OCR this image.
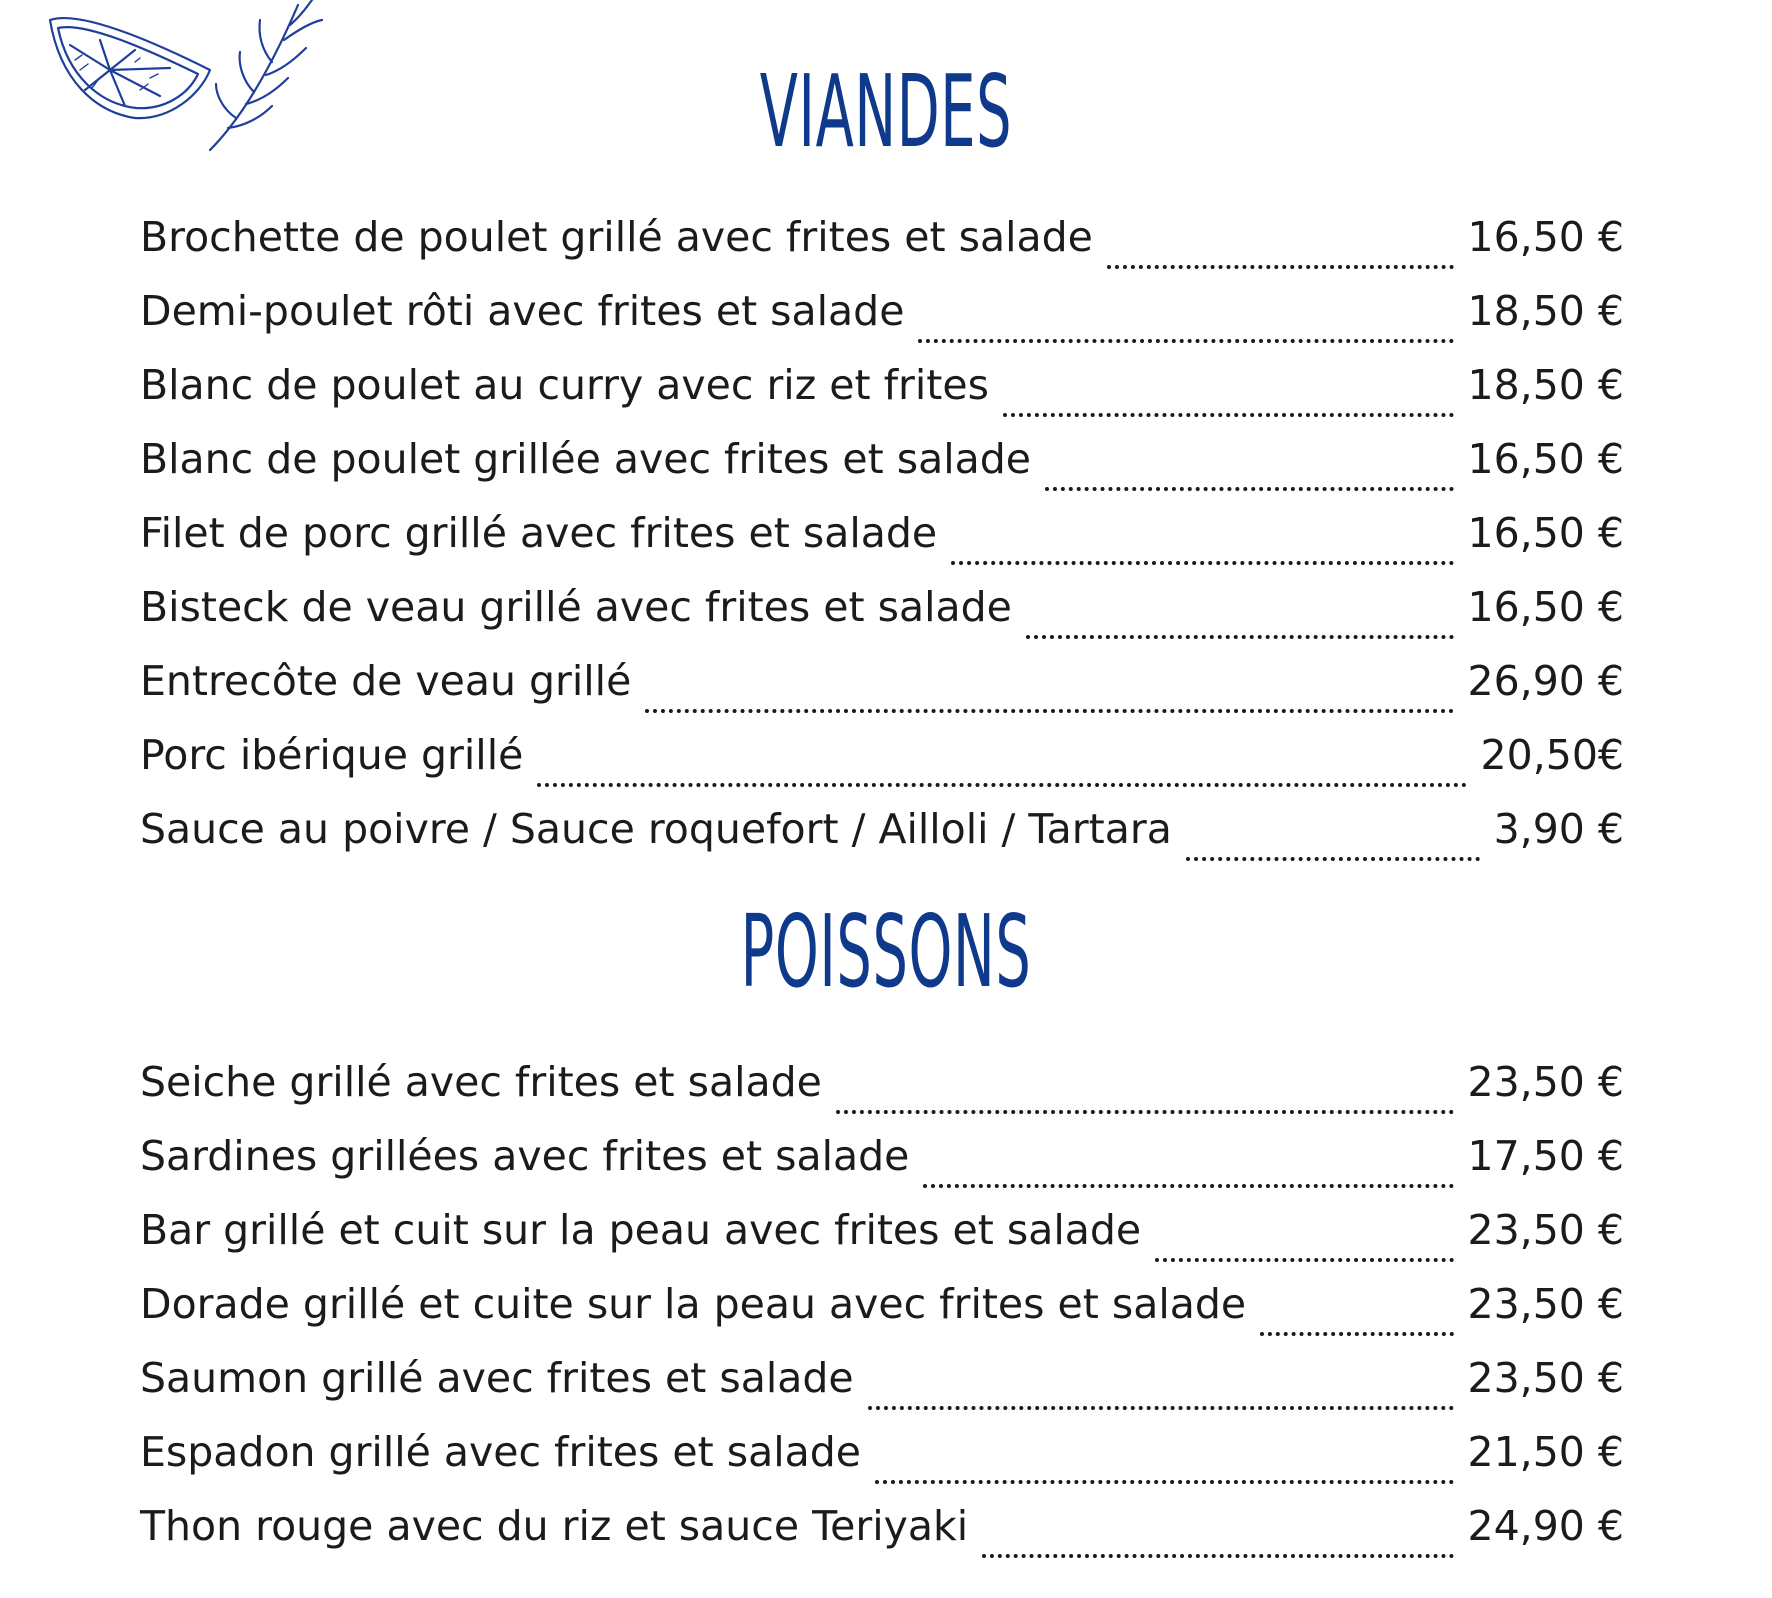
VIANDES
Brochette de poulet grillé avec frites et salade	16,50 €
Demi-poulet rôti avec frites et salade	18,50 €
Blanc de poulet au curry avec riz et frites	18,50 €
Blanc de poulet grillée avec frites et salade	16,50 €
Filet de porc grillé avec frites et salade	16,50 €
Bisteck de veau grillé avec frites et salade	16,50 €
Entrecôte de veau grillé	26,90 €
Porc ibérique grillé	20,50€
Sauce au poivre / Sauce roquefort / Ailloli / Tartara	3,90 €
POISSONS
Seiche grillé avec frites et salade	23,50 €
Sardines grillées avec frites et salade	17,50 €
Bar grillé et cuit sur la peau avec frites et salade	23,50 €
Dorade grillé et cuite sur la peau avec frites et salade	23,50 €
Saumon grillé avec frites et salade	23,50 €
Espadon grillé avec frites et salade	21,50 €
Thon rouge avec du riz et sauce Teriyaki	24,90 €
